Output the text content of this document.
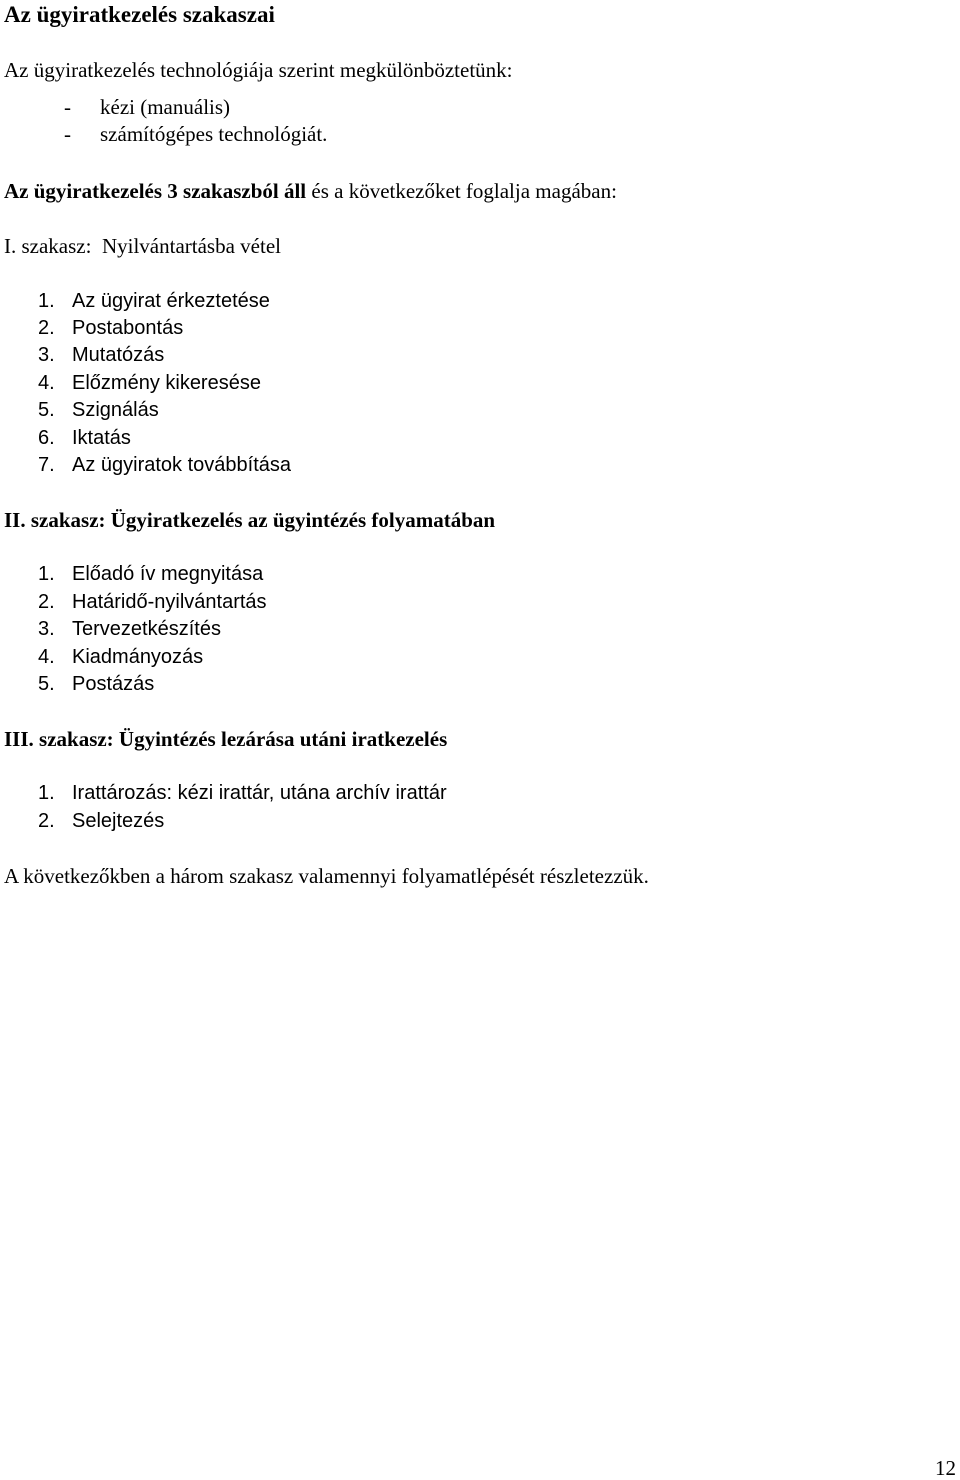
Az ügyiratkezelés szakaszai
Az ügyiratkezelés technológiája szerint megkülönböztetünk:
- kézi (manuális)
- számítógépes technológiát.
Az ügyiratkezelés 3 szakaszból áll és a következőket foglalja magában:
I. szakasz: Nyilvántartásba vétel
1. Az ügyirat érkeztetése
2. Postabontás
3. Mutatózás
4. Előzmény kikeresése
5. Szignálás
6. Iktatás
7. Az ügyiratok továbbítása
II. szakasz: Ügyiratkezelés az ügyintézés folyamatában
1. Előadó ív megnyitása
2. Határidő-nyilvántartás
3. Tervezetkészítés
4. Kiadmányozás
5. Postázás
III. szakasz: Ügyintézés lezárása utáni iratkezelés
1. Irattározás: kézi irattár, utána archív irattár
2. Selejtezés
A következőkben a három szakasz valamennyi folyamatlépését részletezzük.
12
